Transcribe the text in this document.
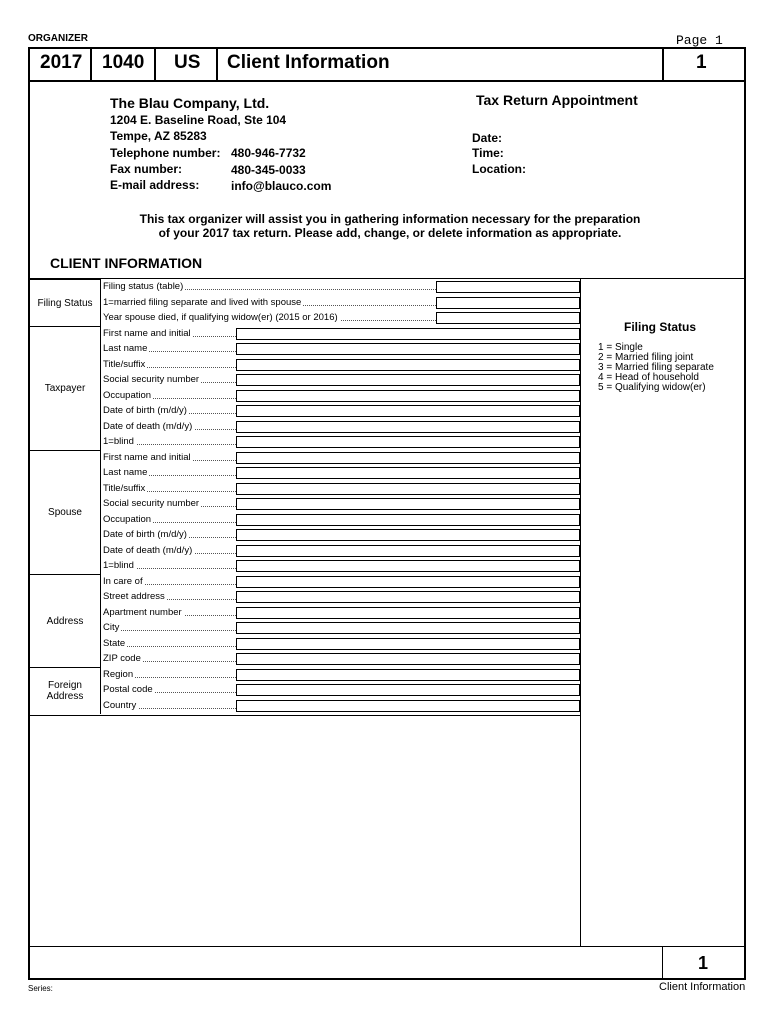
ORGANIZER	Page 1
2017 1040 US Client Information	1
The Blau Company, Ltd.
1204 E. Baseline Road, Ste 104
Tempe, AZ 85283
Telephone number: 480-946-7732
Fax number:	480-345-0033
E-mail address:	info@blauco.com
Tax Return Appointment
Date:
Time:
Location:
This tax organizer will assist you in gathering information necessary for the preparation
of your 2017 tax return. Please add, change, or delete information as appropriate.
CLIENT INFORMATION
Filing Status
Filing status (table)
1=married filing separate and lived with spouse
Year spouse died, if qualifying widow(er) (2015 or 2016)
Taxpayer
First name and initial
Last name
Title/suffix
Social security number
Occupation
Date of birth (m/d/y)
Date of death (m/d/y)
1=blind
Spouse
First name and initial
Last name
Title/suffix
Social security number
Occupation
Date of birth (m/d/y)
Date of death (m/d/y)
1=blind
Address
In care of
Street address
Apartment number
City
State
ZIP code
Foreign Address
Region
Postal code
Country
Filing Status
1 = Single
2 = Married filing joint
3 = Married filing separate
4 = Head of household
5 = Qualifying widow(er)
1
Series:	Client Information
